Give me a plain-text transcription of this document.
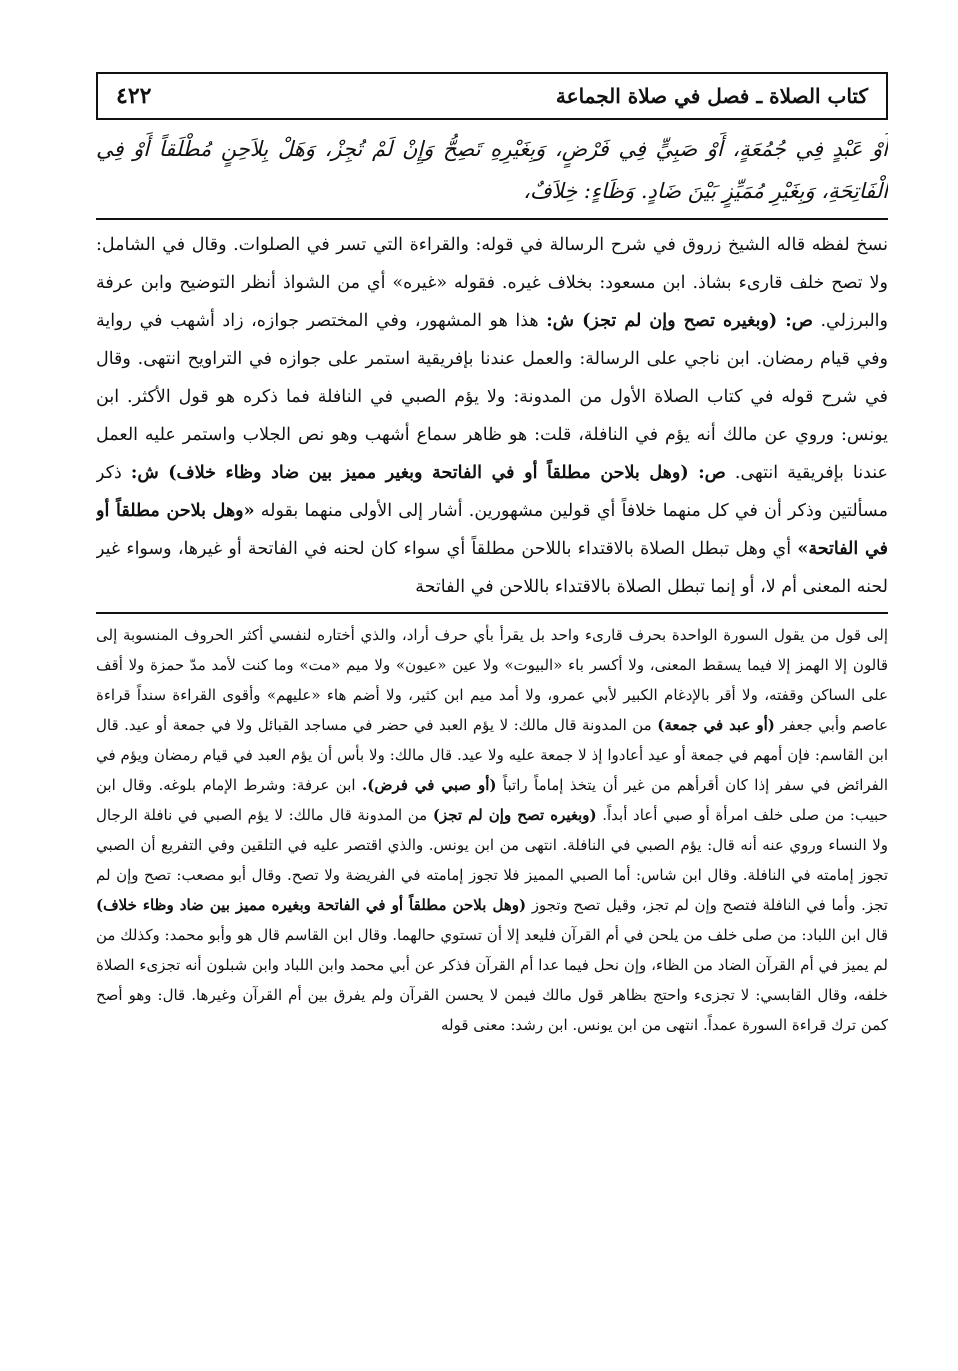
كتاب الصلاة ـ فصل في صلاة الجماعة
٤٢٢
أَوْ عَبْدٍ فِي جُمُعَةٍ، أَوْ صَبِيٍّ فِي فَرْضٍ، وَبِغَيْرِهِ تَصِحُّ وَإِنْ لَمْ تُجِزْ، وَهَلْ بِلاَحِنٍ مُطْلَقاً أَوْ فِي الْفَاتِحَةِ، وَبِغَيْرِ مُمَيِّزٍ بَيْنَ ضَادٍ. وَظَاءٍ: خِلاَفٌ،
نسخ لفظه قاله الشيخ زروق في شرح الرسالة في قوله: والقراءة التي تسر في الصلوات. وقال في الشامل: ولا تصح خلف قارىء بشاذ. ابن مسعود: بخلاف غيره. فقوله «غيره» أي من الشواذ أنظر التوضيح وابن عرفة والبرزلي. ص: (وبغيره تصح وإن لم تجز) ش: هذا هو المشهور، وفي المختصر جوازه، زاد أشهب في رواية وفي قيام رمضان. ابن ناجي على الرسالة: والعمل عندنا بإفريقية استمر على جوازه في التراويح انتهى. وقال في شرح قوله في كتاب الصلاة الأول من المدونة: ولا يؤم الصبي في النافلة فما ذكره هو قول الأكثر. ابن يونس: وروي عن مالك أنه يؤم في النافلة، قلت: هو ظاهر سماع أشهب وهو نص الجلاب واستمر عليه العمل عندنا بإفريقية انتهى. ص: (وهل بلاحن مطلقاً أو في الفاتحة وبغير مميز بين ضاد وظاء خلاف) ش: ذكر مسألتين وذكر أن في كل منهما خلافاً أي قولين مشهورين. أشار إلى الأولى منهما بقوله «وهل بلاحن مطلقاً أو في الفاتحة» أي وهل تبطل الصلاة بالاقتداء باللاحن مطلقاً أي سواء كان لحنه في الفاتحة أو غيرها، وسواء غير لحنه المعنى أم لا، أو إنما تبطل الصلاة بالاقتداء باللاحن في الفاتحة
إلى قول من يقول السورة الواحدة بحرف قارىء واحد بل يقرأ بأي حرف أراد، والذي أختاره لنفسي أكثر الحروف المنسوبة إلى قالون إلا الهمز إلا فيما يسقط المعنى، ولا أكسر باء «البيوت» ولا عين «عيون» ولا ميم «مت» وما كنت لأمد مدّ حمزة ولا أقف على الساكن وقفته، ولا أقر بالإدغام الكبير لأبي عمرو، ولا أمد ميم ابن كثير، ولا أضم هاء «عليهم» وأقوى القراءة سنداً قراءة عاصم وأبي جعفر (أو عبد في جمعة) من المدونة قال مالك: لا يؤم العبد في حضر في مساجد القبائل ولا في جمعة أو عيد. قال ابن القاسم: فإن أمهم في جمعة أو عيد أعادوا إذ لا جمعة عليه ولا عيد. قال مالك: ولا بأس أن يؤم العبد في قيام رمضان ويؤم في الفرائض في سفر إذا كان أقرأهم من غير أن يتخذ إماماً راتباً (أو صبي في فرض). ابن عرفة: وشرط الإمام بلوغه. وقال ابن حبيب: من صلى خلف امرأة أو صبي أعاد أبداً. (وبغيره تصح وإن لم تجز) من المدونة قال مالك: لا يؤم الصبي في نافلة الرجال ولا النساء وروي عنه أنه قال: يؤم الصبي في النافلة. انتهى من ابن يونس. والذي اقتصر عليه في التلقين وفي التفريع أن الصبي تجوز إمامته في النافلة. وقال ابن شاس: أما الصبي المميز فلا تجوز إمامته في الفريضة ولا تصح. وقال أبو مصعب: تصح وإن لم تجز. وأما في النافلة فتصح وإن لم تجز، وقيل تصح وتجوز (وهل بلاحن مطلقاً أو في الفاتحة وبغيره مميز بين ضاد وظاء خلاف) قال ابن اللباد: من صلى خلف من يلحن في أم القرآن فليعد إلا أن تستوي حالهما. وقال ابن القاسم قال هو وأبو محمد: وكذلك من لم يميز في أم القرآن الضاد من الظاء، وإن نحل فيما عدا أم القرآن فذكر عن أبي محمد وابن اللباد وابن شبلون أنه تجزىء الصلاة خلفه، وقال القابسي: لا تجزىء واحتج بظاهر قول مالك فيمن لا يحسن القرآن ولم يفرق بين أم القرآن وغيرها. قال: وهو أصح كمن ترك قراءة السورة عمداً. انتهى من ابن يونس. ابن رشد: معنى قوله
